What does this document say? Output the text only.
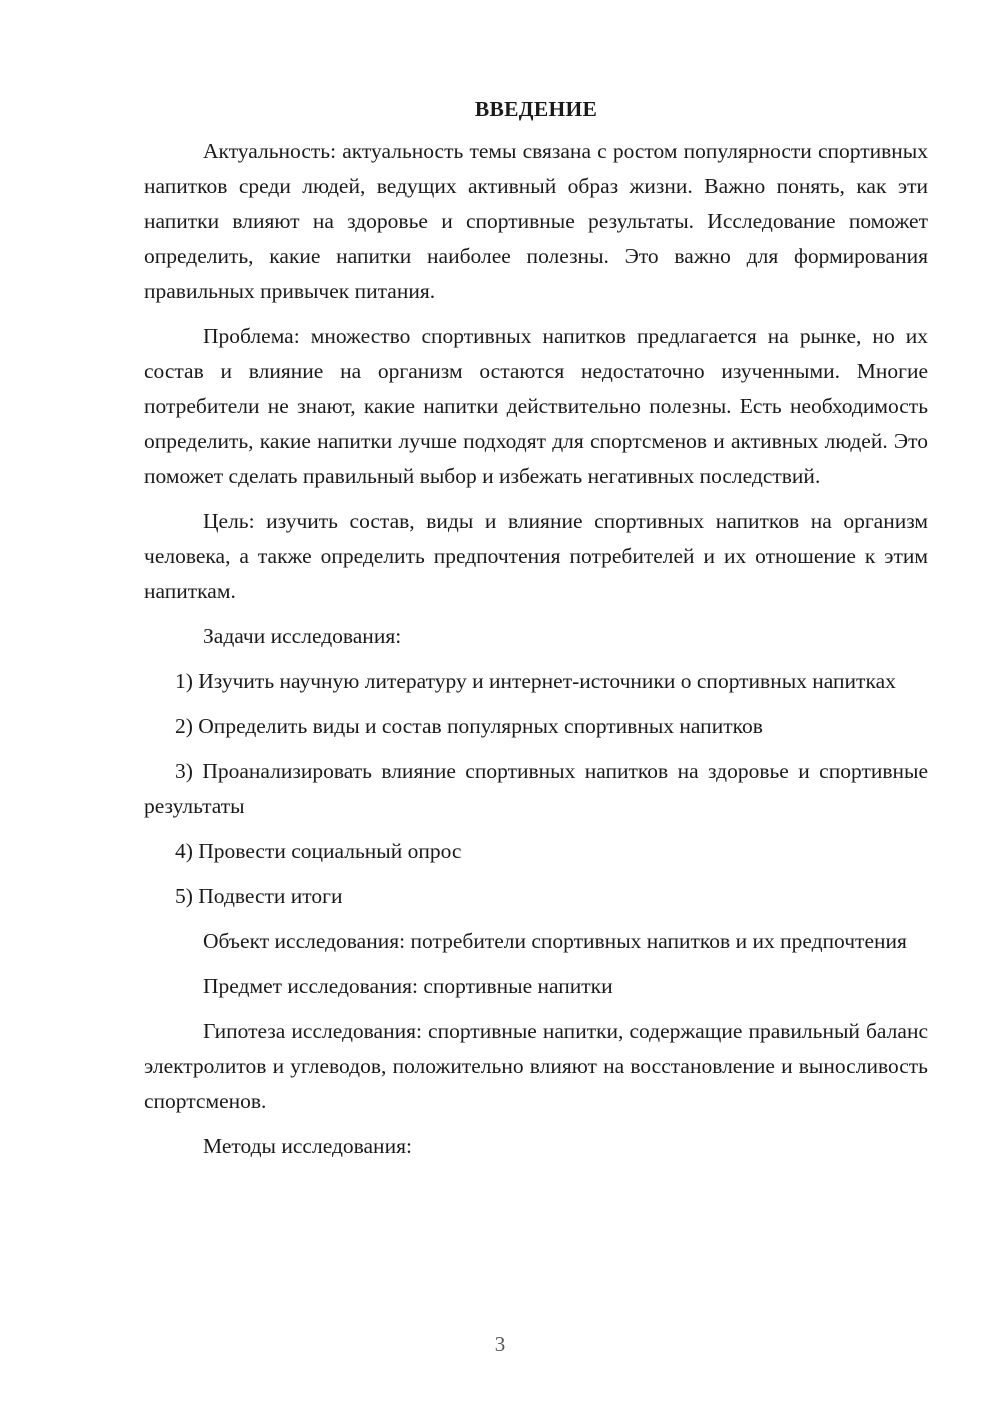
ВВЕДЕНИЕ

Актуальность: актуальность темы связана с ростом популярности спортивных напитков среди людей, ведущих активный образ жизни. Важно понять, как эти напитки влияют на здоровье и спортивные результаты. Исследование поможет определить, какие напитки наиболее полезны. Это важно для формирования правильных привычек питания.

Проблема: множество спортивных напитков предлагается на рынке, но их состав и влияние на организм остаются недостаточно изученными. Многие потребители не знают, какие напитки действительно полезны. Есть необходимость определить, какие напитки лучше подходят для спортсменов и активных людей. Это поможет сделать правильный выбор и избежать негативных последствий.

Цель: изучить состав, виды и влияние спортивных напитков на организм человека, а также определить предпочтения потребителей и их отношение к этим напиткам.

Задачи исследования:

1) Изучить научную литературу и интернет-источники о спортивных напитках

2) Определить виды и состав популярных спортивных напитков

3) Проанализировать влияние спортивных напитков на здоровье и спортивные результаты

4) Провести социальный опрос

5) Подвести итоги

Объект исследования: потребители спортивных напитков и их предпочтения

Предмет исследования: спортивные напитки

Гипотеза исследования: спортивные напитки, содержащие правильный баланс электролитов и углеводов, положительно влияют на восстановление и выносливость спортсменов.

Методы исследования:

3
